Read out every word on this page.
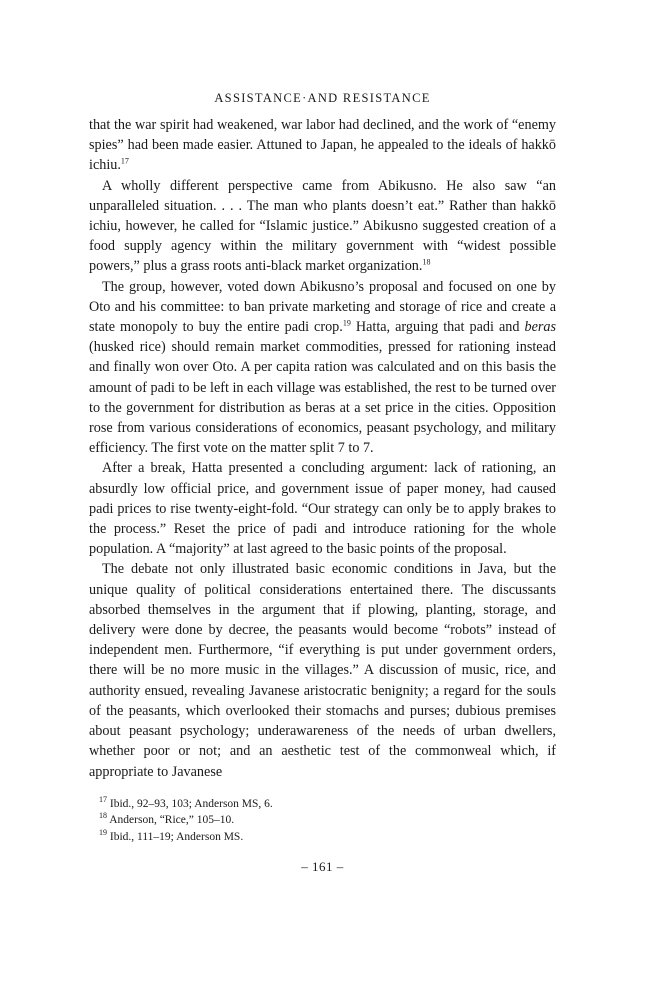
ASSISTANCE·AND RESISTANCE

that the war spirit had weakened, war labor had declined, and the work of “enemy spies” had been made easier. Attuned to Japan, he appealed to the ideals of hakkō ichiu.$^{17}$

A wholly different perspective came from Abikusno. He also saw “an unparalleled situation. . . . The man who plants doesn’t eat.” Rather than hakkō ichiu, however, he called for “Islamic justice.” Abikusno suggested creation of a food supply agency within the military government with “widest possible powers,” plus a grass roots anti-black market organization.$^{18}$

The group, however, voted down Abikusno’s proposal and focused on one by Oto and his committee: to ban private marketing and storage of rice and create a state monopoly to buy the entire padi crop.$^{19}$ Hatta, arguing that padi and beras (husked rice) should remain market commodities, pressed for rationing instead and finally won over Oto. A per capita ration was calculated and on this basis the amount of padi to be left in each village was established, the rest to be turned over to the government for distribution as beras at a set price in the cities. Opposition rose from various considerations of economics, peasant psychology, and military efficiency. The first vote on the matter split 7 to 7.

After a break, Hatta presented a concluding argument: lack of rationing, an absurdly low official price, and government issue of paper money, had caused padi prices to rise twenty-eight-fold. “Our strategy can only be to apply brakes to the process.” Reset the price of padi and introduce rationing for the whole population. A “majority” at last agreed to the basic points of the proposal.

The debate not only illustrated basic economic conditions in Java, but the unique quality of political considerations entertained there. The discussants absorbed themselves in the argument that if plowing, planting, storage, and delivery were done by decree, the peasants would become “robots” instead of independent men. Furthermore, “if everything is put under government orders, there will be no more music in the villages.” A discussion of music, rice, and authority ensued, revealing Javanese aristocratic benignity; a regard for the souls of the peasants, which overlooked their stomachs and purses; dubious premises about peasant psychology; underawareness of the needs of urban dwellers, whether poor or not; and an aesthetic test of the commonweal which, if appropriate to Javanese

$^{17}$ Ibid., 92–93, 103; Anderson MS, 6.
$^{18}$ Anderson, “Rice,” 105–10.
$^{19}$ Ibid., 111–19; Anderson MS.
– 161 –
